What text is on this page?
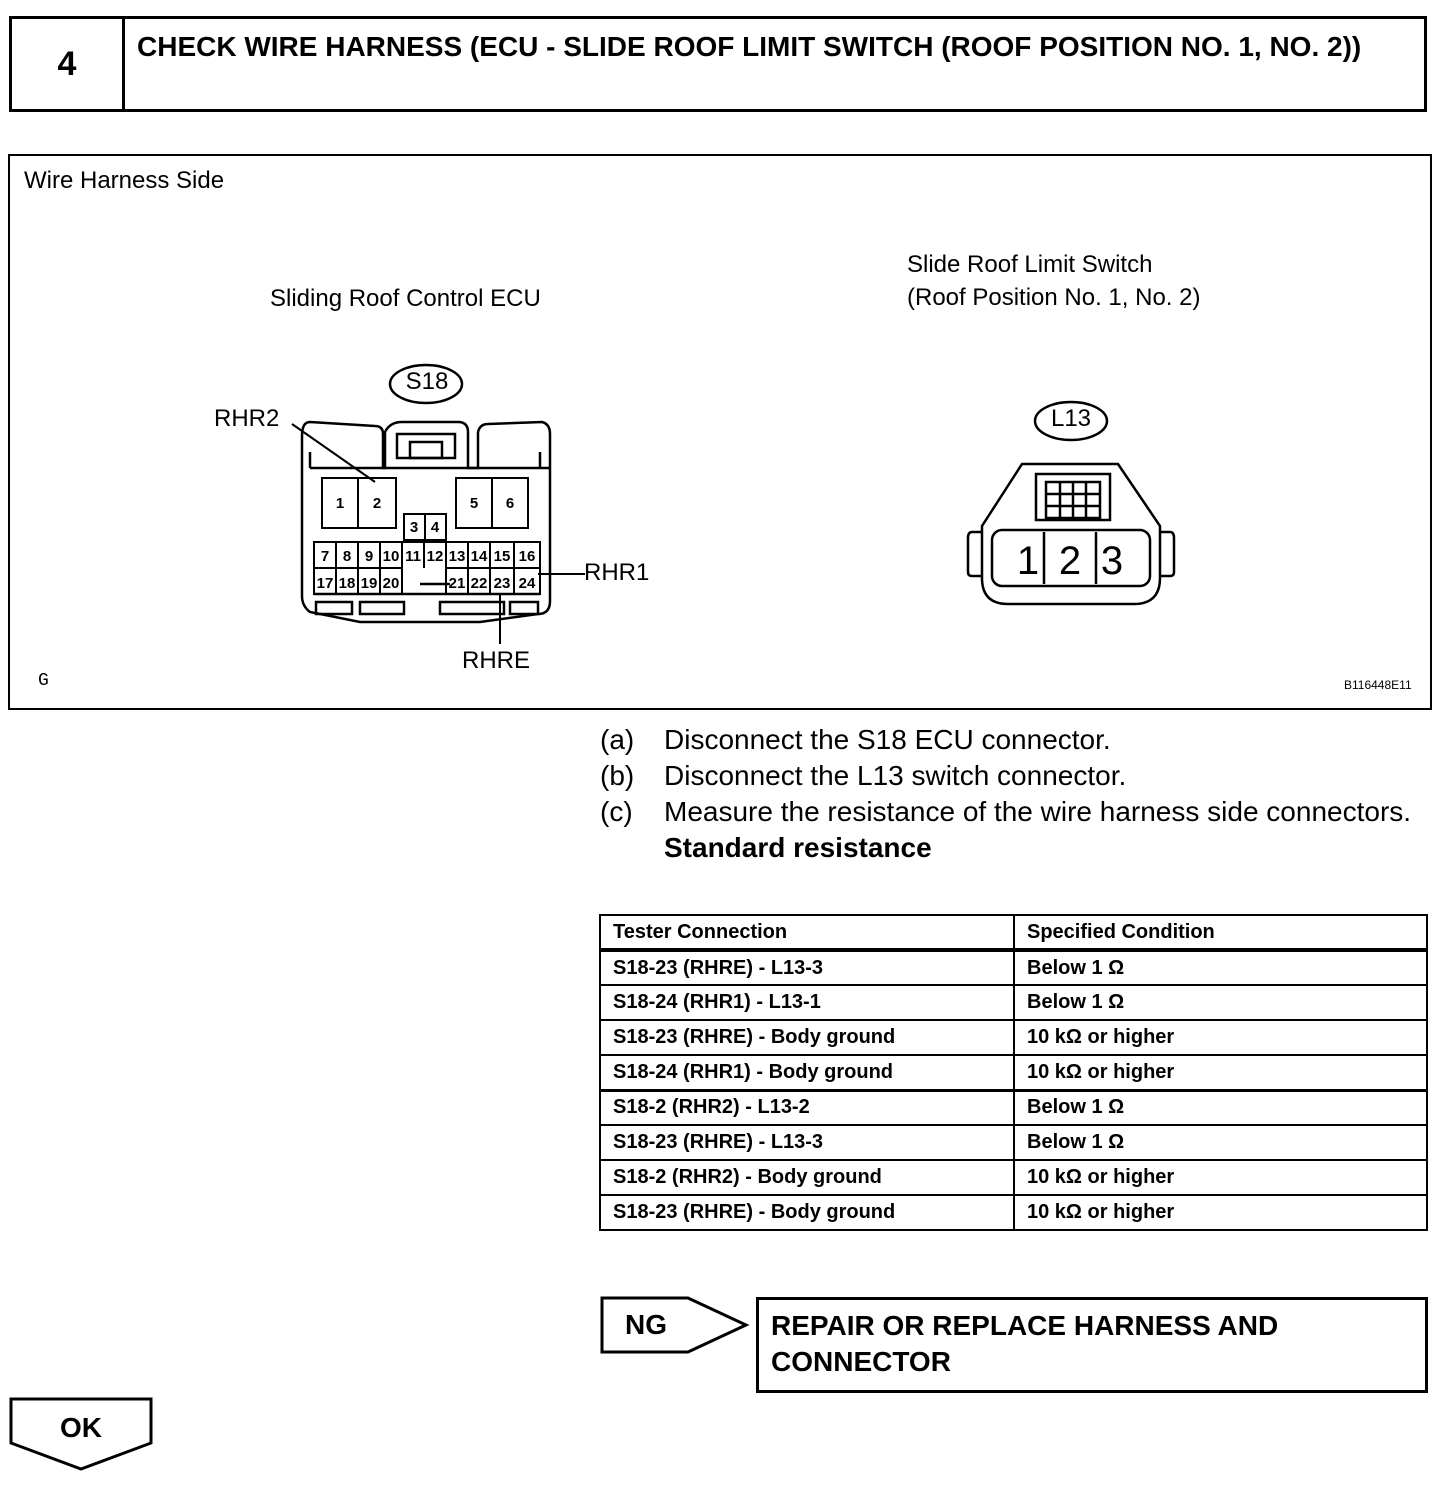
4	CHECK WIRE HARNESS (ECU - SLIDE ROOF LIMIT SWITCH (ROOF POSITION NO. 1, NO. 2))
1 2	5 6
3 4
7 8 9 10 11 12 13 14 15 16
17 18 19 20	21 22 23 24
1 2 3
Wire Harness Side
Sliding Roof Control ECU
S18
Slide Roof Limit Switch
(Roof Position No. 1, No. 2)
L13
RHR2
RHR1
RHRE
G	B116448E11
(a)	Disconnect the S18 ECU connector.
(b)	Disconnect the L13 switch connector.
(c)	Measure the resistance of the wire harness side connectors.
Standard resistance
Tester Connection	Specified Condition
S18-23 (RHRE) - L13-3	Below 1 Ω
S18-24 (RHR1) - L13-1	Below 1 Ω
S18-23 (RHRE) - Body ground	10 kΩ or higher
S18-24 (RHR1) - Body ground	10 kΩ or higher
S18-2 (RHR2) - L13-2	Below 1 Ω
S18-23 (RHRE) - L13-3	Below 1 Ω
S18-2 (RHR2) - Body ground	10 kΩ or higher
S18-23 (RHRE) - Body ground	10 kΩ or higher
NG	REPAIR OR REPLACE HARNESS AND
CONNECTOR
OK
